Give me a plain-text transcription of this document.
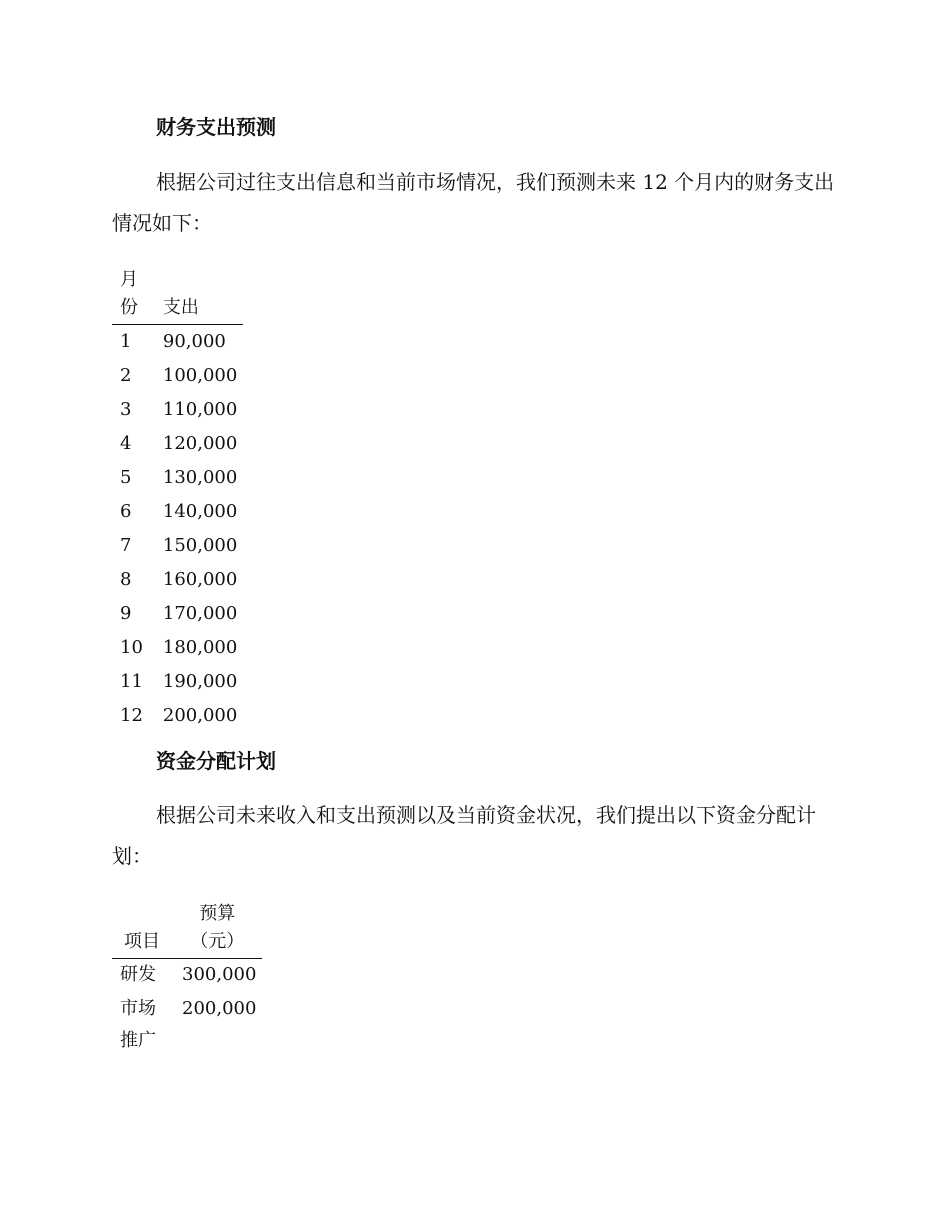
财务支出预测

根据公司过往支出信息和当前市场情况，我们预测未来 12 个月内的财务支出情况如下：

月份	支出
1	90,000
2	100,000
3	110,000
4	120,000
5	130,000
6	140,000
7	150,000
8	160,000
9	170,000
10	180,000
11	190,000
12	200,000
资金分配计划

根据公司未来收入和支出预测以及当前资金状况，我们提出以下资金分配计划：

项目	预算（元）
研发	300,000
市场推广	200,000
